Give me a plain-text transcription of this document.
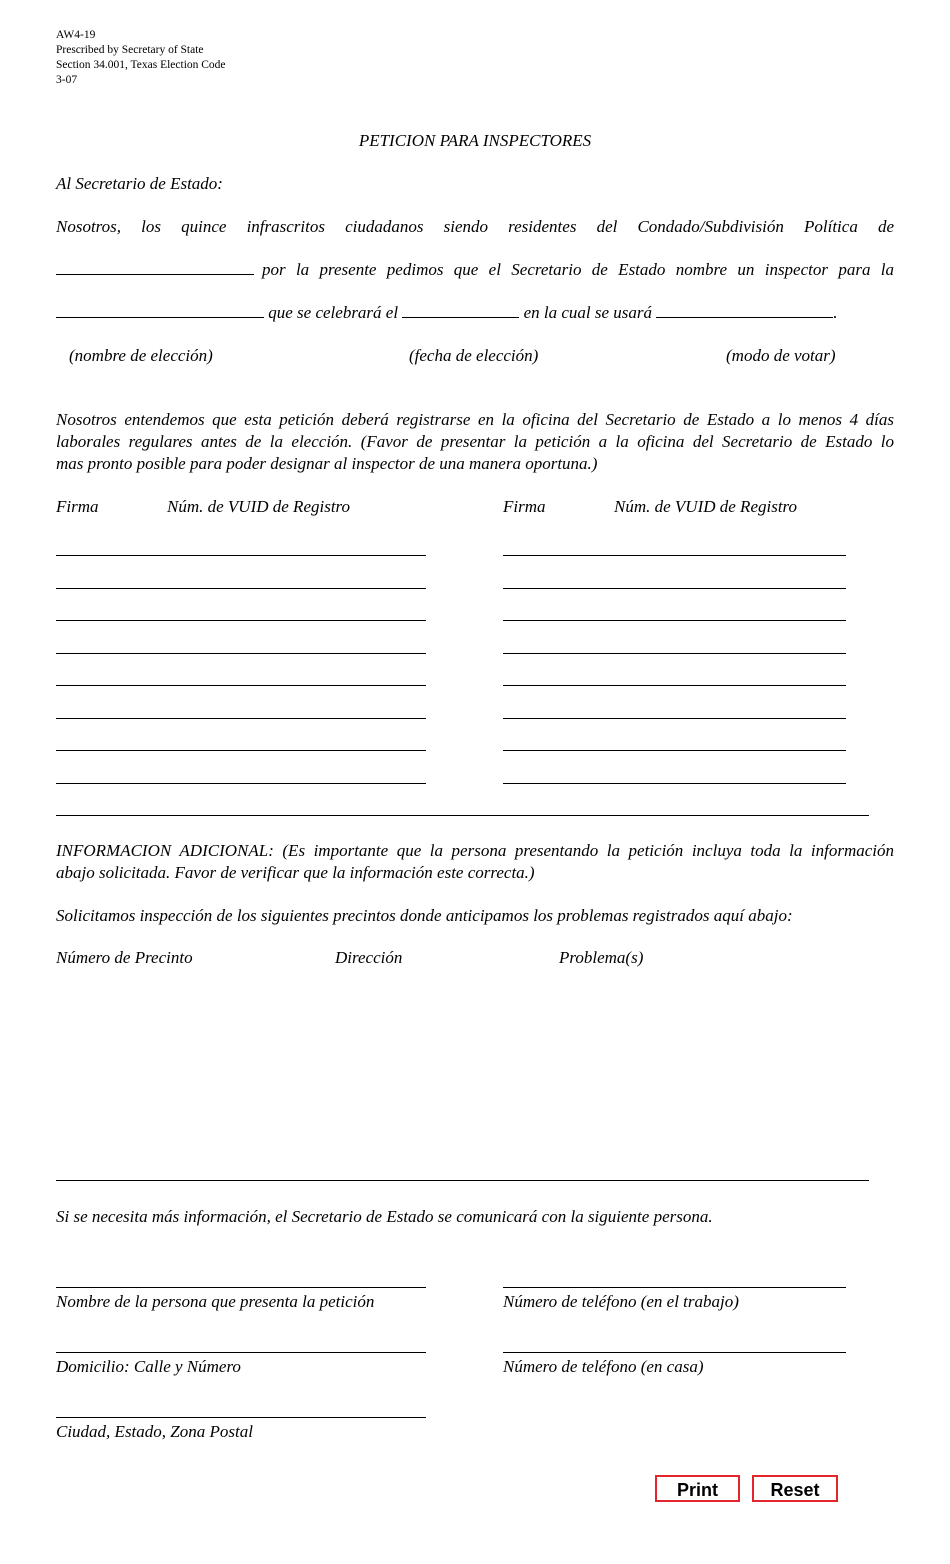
AW4-19
Prescribed by Secretary of State
Section 34.001, Texas Election Code
3-07
PETICION PARA INSPECTORES
Al Secretario de Estado:
Nosotros, los quince infrascritos ciudadanos siendo residentes del Condado/Subdivisión Política de
por la presente pedimos que el Secretario de Estado nombre un inspector para la
que se celebrará el	en la cual se usará	.
(nombre de elección)	(fecha de elección)	(modo de votar)
Nosotros entendemos que esta petición deberá registrarse en la oficina del Secretario de Estado a lo menos 4 días
laborales regulares antes de la elección. (Favor de presentar la petición a la oficina del Secretario de Estado lo
mas pronto posible para poder designar al inspector de una manera oportuna.)
Firma	Núm. de VUID de Registro	Firma	Núm. de VUID de Registro
INFORMACION ADICIONAL: (Es importante que la persona presentando la petición incluya toda la información
abajo solicitada. Favor de verificar que la información este correcta.)
Solicitamos inspección de los siguientes precintos donde anticipamos los problemas registrados aquí abajo:
Número de Precinto	Dirección	Problema(s)
Si se necesita más información, el Secretario de Estado se comunicará con la siguiente persona.
Nombre de la persona que presenta la petición	Número de teléfono (en el trabajo)
Domicilio: Calle y Número	Número de teléfono (en casa)
Ciudad, Estado, Zona Postal
Print	Reset
